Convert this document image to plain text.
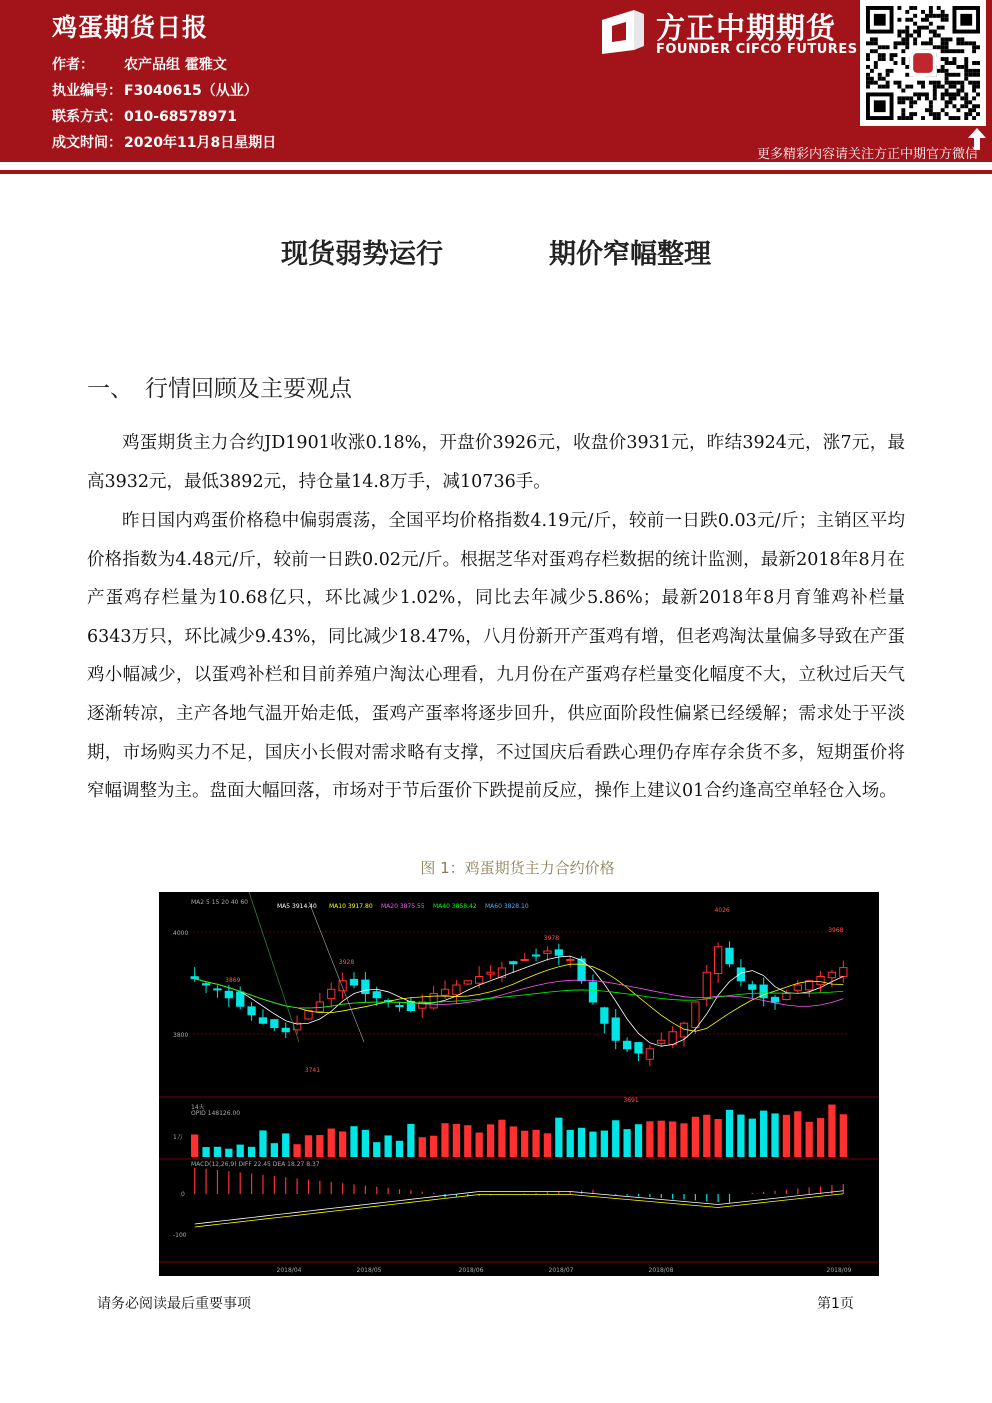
鸡蛋期货日报
作者： 农产品组 霍雅文
执业编号： F3040615（从业）
联系方式： 010-68578971
成文时间： 2020年11月8日星期日
方正中期期货
FOUNDER CIFCO FUTURES
更多精彩内容请关注方正中期官方微信
现货弱势运行	期价窄幅整理
一、 行情回顾及主要观点
鸡蛋期货主力合约JD1901收涨0.18%，开盘价3926元，收盘价3931元，昨结3924元，涨7元，最高3932元，最低3892元，持仓量14.8万手，减10736手。
昨日国内鸡蛋价格稳中偏弱震荡，全国平均价格指数4.19元/斤，较前一日跌0.03元/斤；主销区平均价格指数为4.48元/斤，较前一日跌0.02元/斤。根据芝华对蛋鸡存栏数据的统计监测，最新2018年8月在产蛋鸡存栏量为10.68亿只，环比减少1.02%，同比去年减少5.86%；最新2018年8月育雏鸡补栏量6343万只，环比减少9.43%，同比减少18.47%，八月份新开产蛋鸡有增，但老鸡淘汰量偏多导致在产蛋鸡小幅减少，以蛋鸡补栏和目前养殖户淘汰心理看，九月份在产蛋鸡存栏量变化幅度不大，立秋过后天气逐渐转凉，主产各地气温开始走低，蛋鸡产蛋率将逐步回升，供应面阶段性偏紧已经缓解；需求处于平淡期，市场购买力不足，国庆小长假对需求略有支撑，不过国庆后看跌心理仍存库存余货不多，短期蛋价将窄幅调整为主。盘面大幅回落，市场对于节后蛋价下跌提前反应，操作上建议01合约逢高空单轻仓入场。
图 1：鸡蛋期货主力合约价格
MA2 5 15 20 40 60
MA5 3914.40 MA10 3917.80 MA20 3875.55 MA40 3858.42 MA60 3828.10
4000
3800
3869
3741
3928
3978
3691
4026
3968
14天
OPID 148126.00
1万
MACD(12,26,9) DIFF 22.45 DEA 18.27 8.37
0
-100
2018/04	2018/05	2018/06	2018/07	2018/08	2018/09
请务必阅读最后重要事项	第1页
